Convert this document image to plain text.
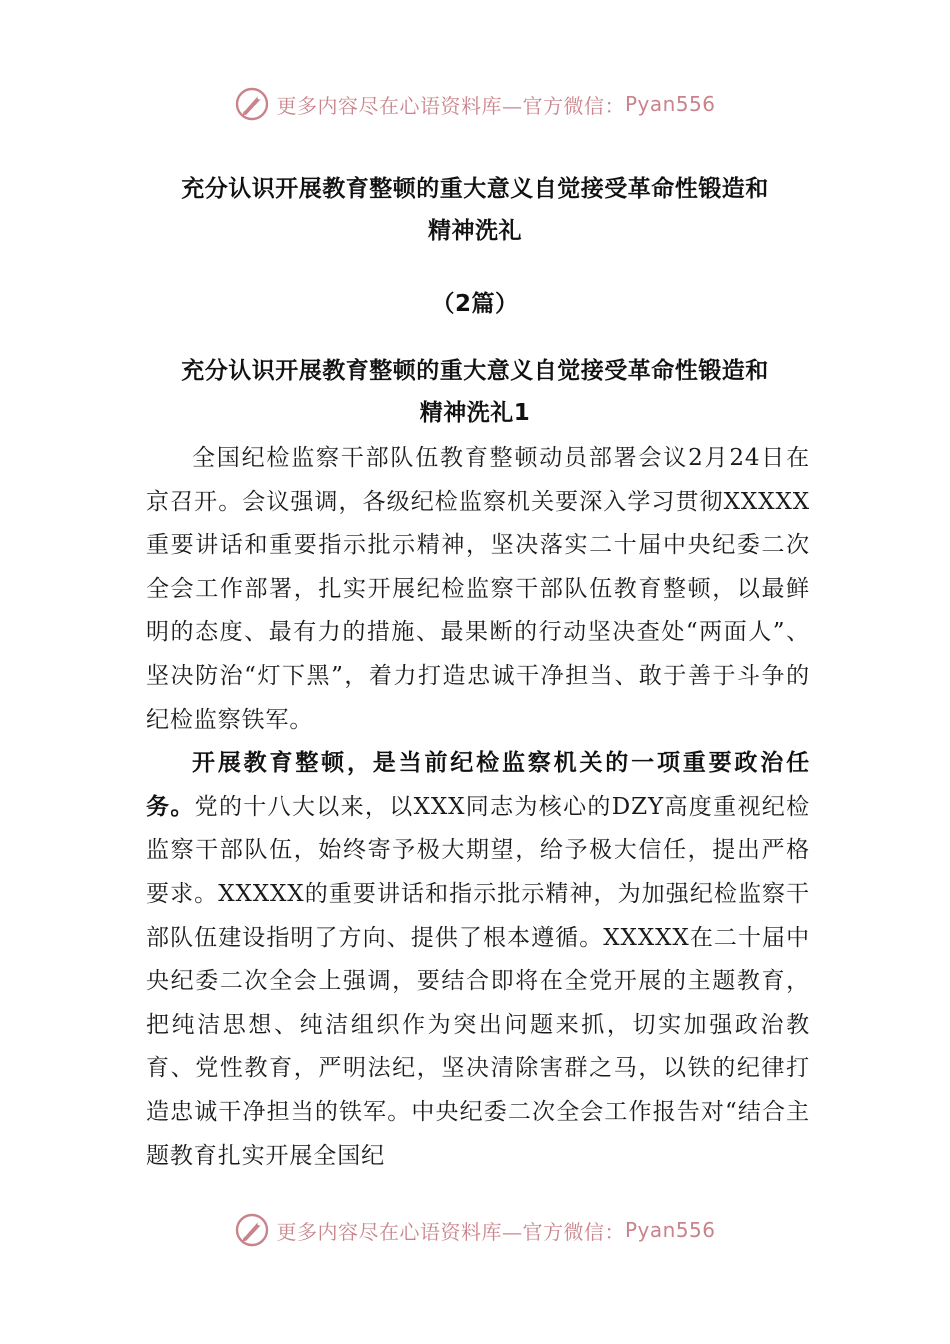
更多内容尽在心语资料库—官方微信： Pyan556
充分认识开展教育整顿的重大意义自觉接受革命性锻造和
精神洗礼
（2篇）
充分认识开展教育整顿的重大意义自觉接受革命性锻造和
精神洗礼1

全国纪检监察干部队伍教育整顿动员部署会议2月24日在京召开。会议强调，各级纪检监察机关要深入学习贯彻XXXXX重要讲话和重要指示批示精神，坚决落实二十届中央纪委二次全会工作部署，扎实开展纪检监察干部队伍教育整顿，以最鲜明的态度、最有力的措施、最果断的行动坚决查处“两面人”、坚决防治“灯下黑”，着力打造忠诚干净担当、敢于善于斗争的纪检监察铁军。

开展教育整顿，是当前纪检监察机关的一项重要政治任务。党的十八大以来，以XXX同志为核心的DZY高度重视纪检监察干部队伍，始终寄予极大期望，给予极大信任，提出严格要求。XXXXX的重要讲话和指示批示精神，为加强纪检监察干部队伍建设指明了方向、提供了根本遵循。XXXXX在二十届中央纪委二次全会上强调，要结合即将在全党开展的主题教育，把纯洁思想、纯洁组织作为突出问题来抓，切实加强政治教育、党性教育，严明法纪，坚决清除害群之马，以铁的纪律打造忠诚干净担当的铁军。中央纪委二次全会工作报告对“结合主题教育扎实开展全国纪

更多内容尽在心语资料库—官方微信： Pyan556
